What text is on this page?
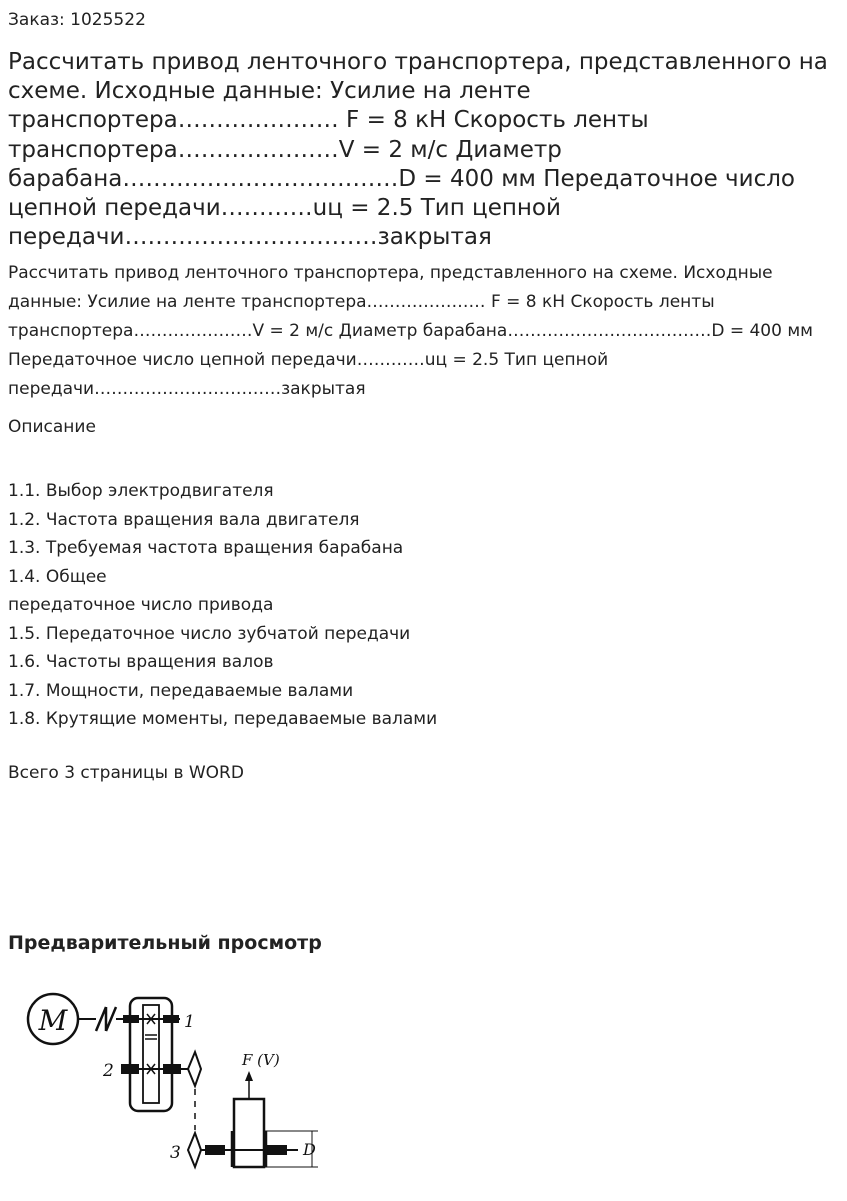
Заказ: 1025522
Рассчитать привод ленточного транспортера, представленного на схеме. Исходные данные: Усилие на ленте транспортера………………… F = 8 кН Скорость ленты транспортера…………………V = 2 м/с Диаметр барабана………………………………D = 400 мм Передаточное число цепной передачи…………uц = 2.5 Тип цепной передачи……………………………закрытая

Рассчитать привод ленточного транспортера, представленного на схеме. Исходные данные: Усилие на ленте транспортера………………… F = 8 кН Скорость ленты транспортера…………………V = 2 м/с Диаметр барабана………………………………D = 400 мм Передаточное число цепной передачи…………uц = 2.5 Тип цепной передачи……………………………закрытая

Описание
1.1. Выбор электродвигателя
1.2. Частота вращения вала двигателя
1.3. Требуемая частота вращения барабана
1.4. Общее
передаточное число привода
1.5. Передаточное число зубчатой передачи
1.6. Частоты вращения валов
1.7. Мощности, передаваемые валами
1.8. Крутящие моменты, передаваемые валами
Всего 3 страницы в WORD
Предварительный просмотр
M	1
2
3
F (V)
D
